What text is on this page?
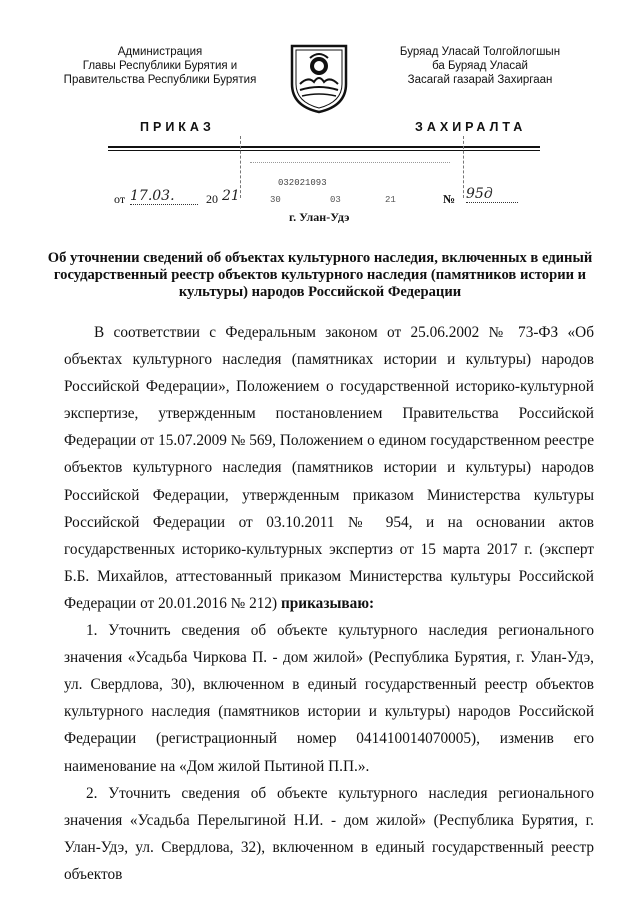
Администрация
Главы Республики Бурятия и
Правительства Республики Бурятия
Буряад Уласай Толгойлогшын
ба Буряад Уласай
Засагай газарай Захиргаан
ПРИКАЗ	ЗАХИРАЛТА
032021093
от 17.03.	20 21	30	03	21	№ 95д
г. Улан-Удэ
Об уточнении сведений об объектах культурного наследия, включенных в единый государственный реестр объектов культурного наследия (памятников истории и культуры) народов Российской Федерации

В соответствии с Федеральным законом от 25.06.2002 № 73-ФЗ «Об объектах культурного наследия (памятниках истории и культуры) народов Российской Федерации», Положением о государственной историко-культурной экспертизе, утвержденным постановлением Правительства Российской Федерации от 15.07.2009 № 569, Положением о едином государственном реестре объектов культурного наследия (памятников истории и культуры) народов Российской Федерации, утвержденным приказом Министерства культуры Российской Федерации от 03.10.2011 № 954, и на основании актов государственных историко-культурных экспертиз от 15 марта 2017 г. (эксперт Б.Б. Михайлов, аттестованный приказом Министерства культуры Российской Федерации от 20.01.2016 № 212) приказываю:

1. Уточнить сведения об объекте культурного наследия регионального значения «Усадьба Чиркова П. - дом жилой» (Республика Бурятия, г. Улан-Удэ, ул. Свердлова, 30), включенном в единый государственный реестр объектов культурного наследия (памятников истории и культуры) народов Российской Федерации (регистрационный номер 041410014070005), изменив его наименование на «Дом жилой Пытиной П.П.».

2. Уточнить сведения об объекте культурного наследия регионального значения «Усадьба Перелыгиной Н.И. - дом жилой» (Республика Бурятия, г. Улан-Удэ, ул. Свердлова, 32), включенном в единый государственный реестр объектов
